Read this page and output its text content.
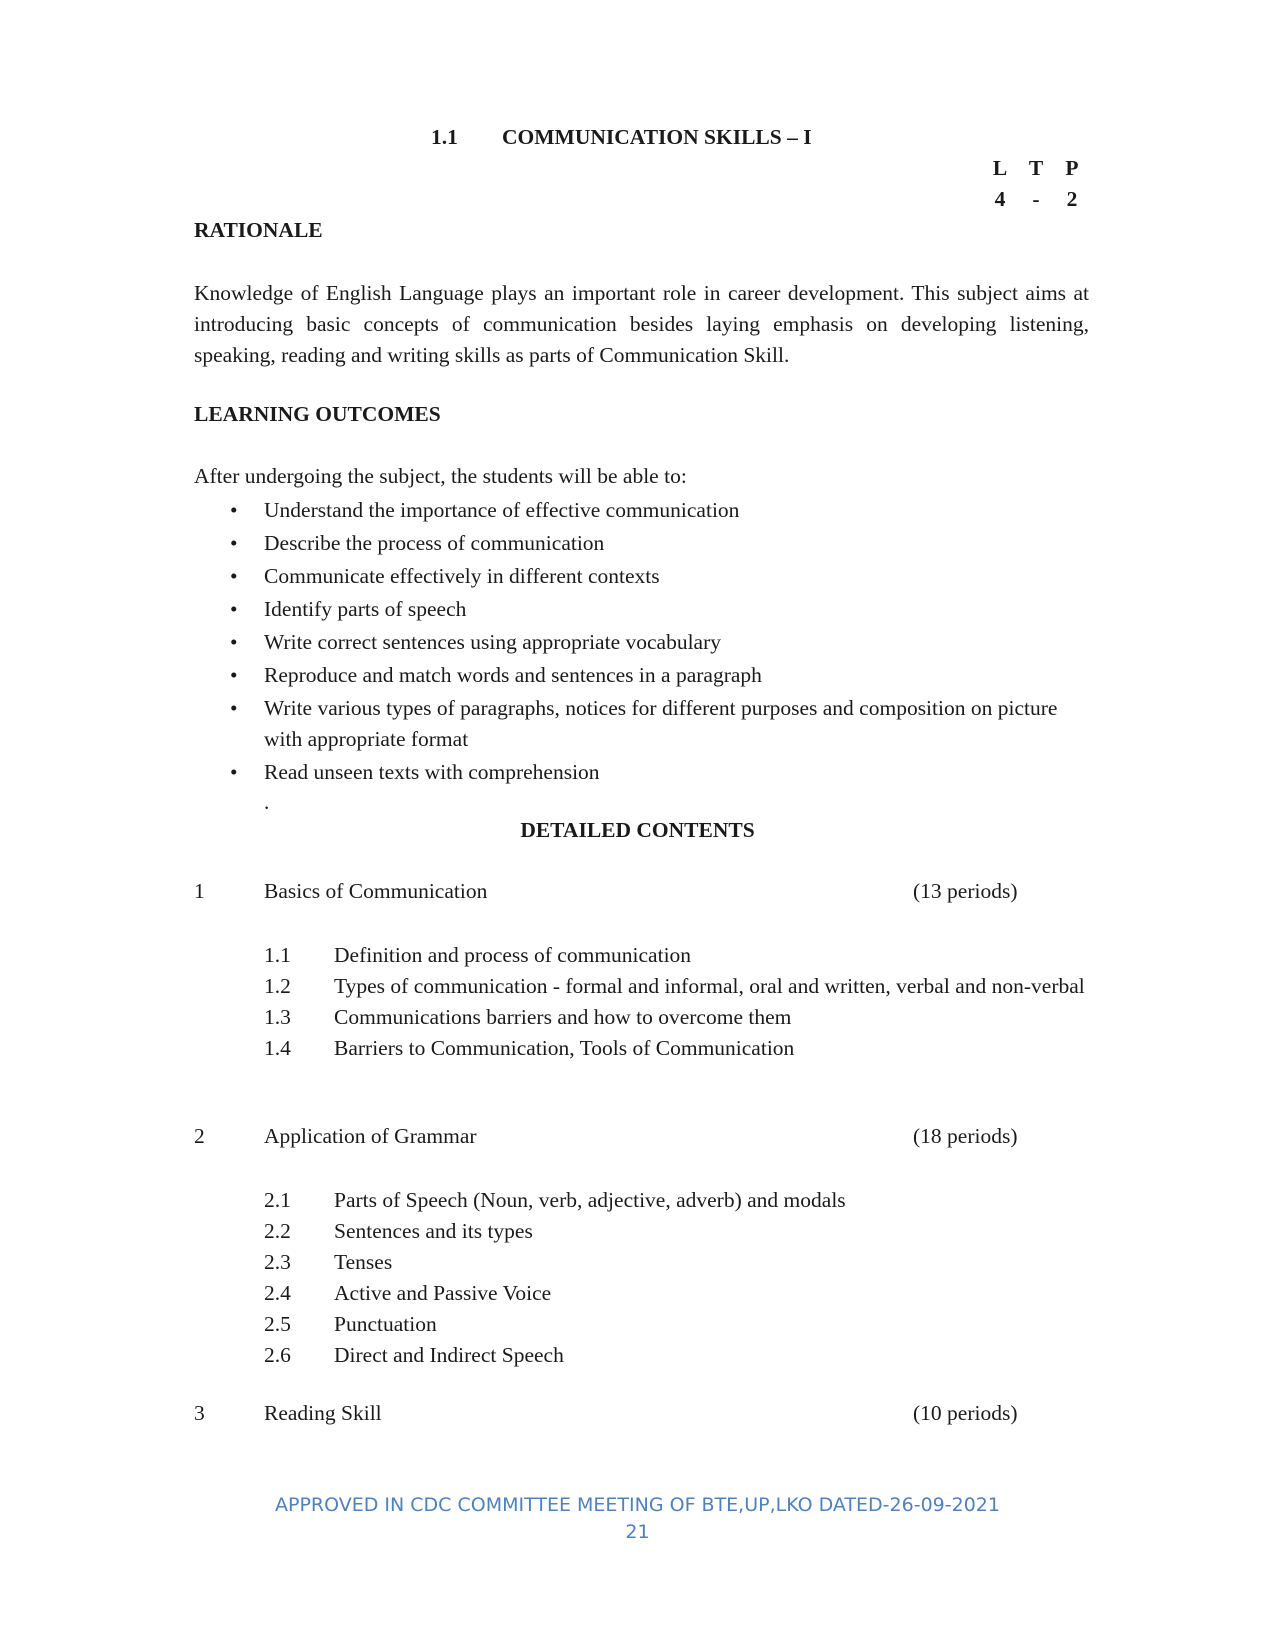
1.1 COMMUNICATION SKILLS – I
L T P
4	-	2
RATIONALE
Knowledge of English Language plays an important role in career development. This subject aims at introducing basic concepts of communication besides laying emphasis on developing listening, speaking, reading and writing skills as parts of Communication Skill.
LEARNING OUTCOMES
After undergoing the subject, the students will be able to:
• Understand the importance of effective communication
• Describe the process of communication
• Communicate effectively in different contexts
• Identify parts of speech
• Write correct sentences using appropriate vocabulary
• Reproduce and match words and sentences in a paragraph
• Write various types of paragraphs, notices for different purposes and composition on picture with appropriate format
• Read unseen texts with comprehension
.
DETAILED CONTENTS
1	Basics of Communication	(13 periods)
1.1 Definition and process of communication
1.2 Types of communication - formal and informal, oral and written, verbal and non-verbal
1.3 Communications barriers and how to overcome them
1.4 Barriers to Communication, Tools of Communication
2	Application of Grammar	(18 periods)
2.1 Parts of Speech (Noun, verb, adjective, adverb) and modals
2.2 Sentences and its types
2.3 Tenses
2.4 Active and Passive Voice
2.5 Punctuation
2.6 Direct and Indirect Speech
3	Reading Skill	(10 periods)
APPROVED IN CDC COMMITTEE MEETING OF BTE,UP,LKO DATED-26-09-2021
21
